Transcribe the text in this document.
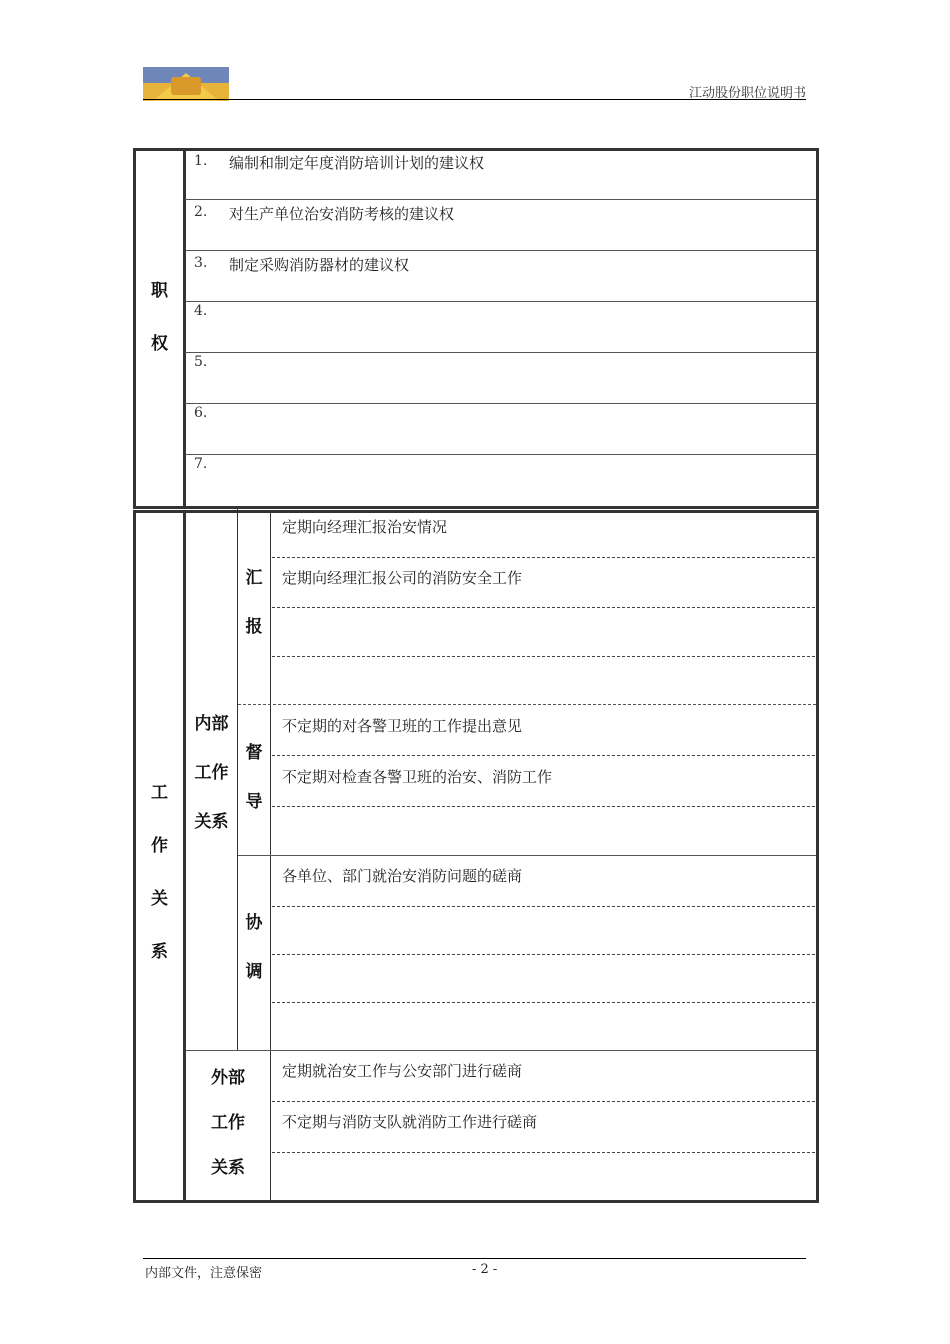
江动股份职位说明书
职
权
1. 编制和制定年度消防培训计划的建议权
2. 对生产单位治安消防考核的建议权
3. 制定采购消防器材的建议权
4.
5.
6.
7.
工
作
关
系
内部
工作
关系
汇
报
督
导
协
调
外部
工作
关系
定期向经理汇报治安情况
定期向经理汇报公司的消防安全工作
不定期的对各警卫班的工作提出意见
不定期对检查各警卫班的治安、消防工作
各单位、部门就治安消防问题的磋商
定期就治安工作与公安部门进行磋商
不定期与消防支队就消防工作进行磋商
内部文件，注意保密	- 2 -
